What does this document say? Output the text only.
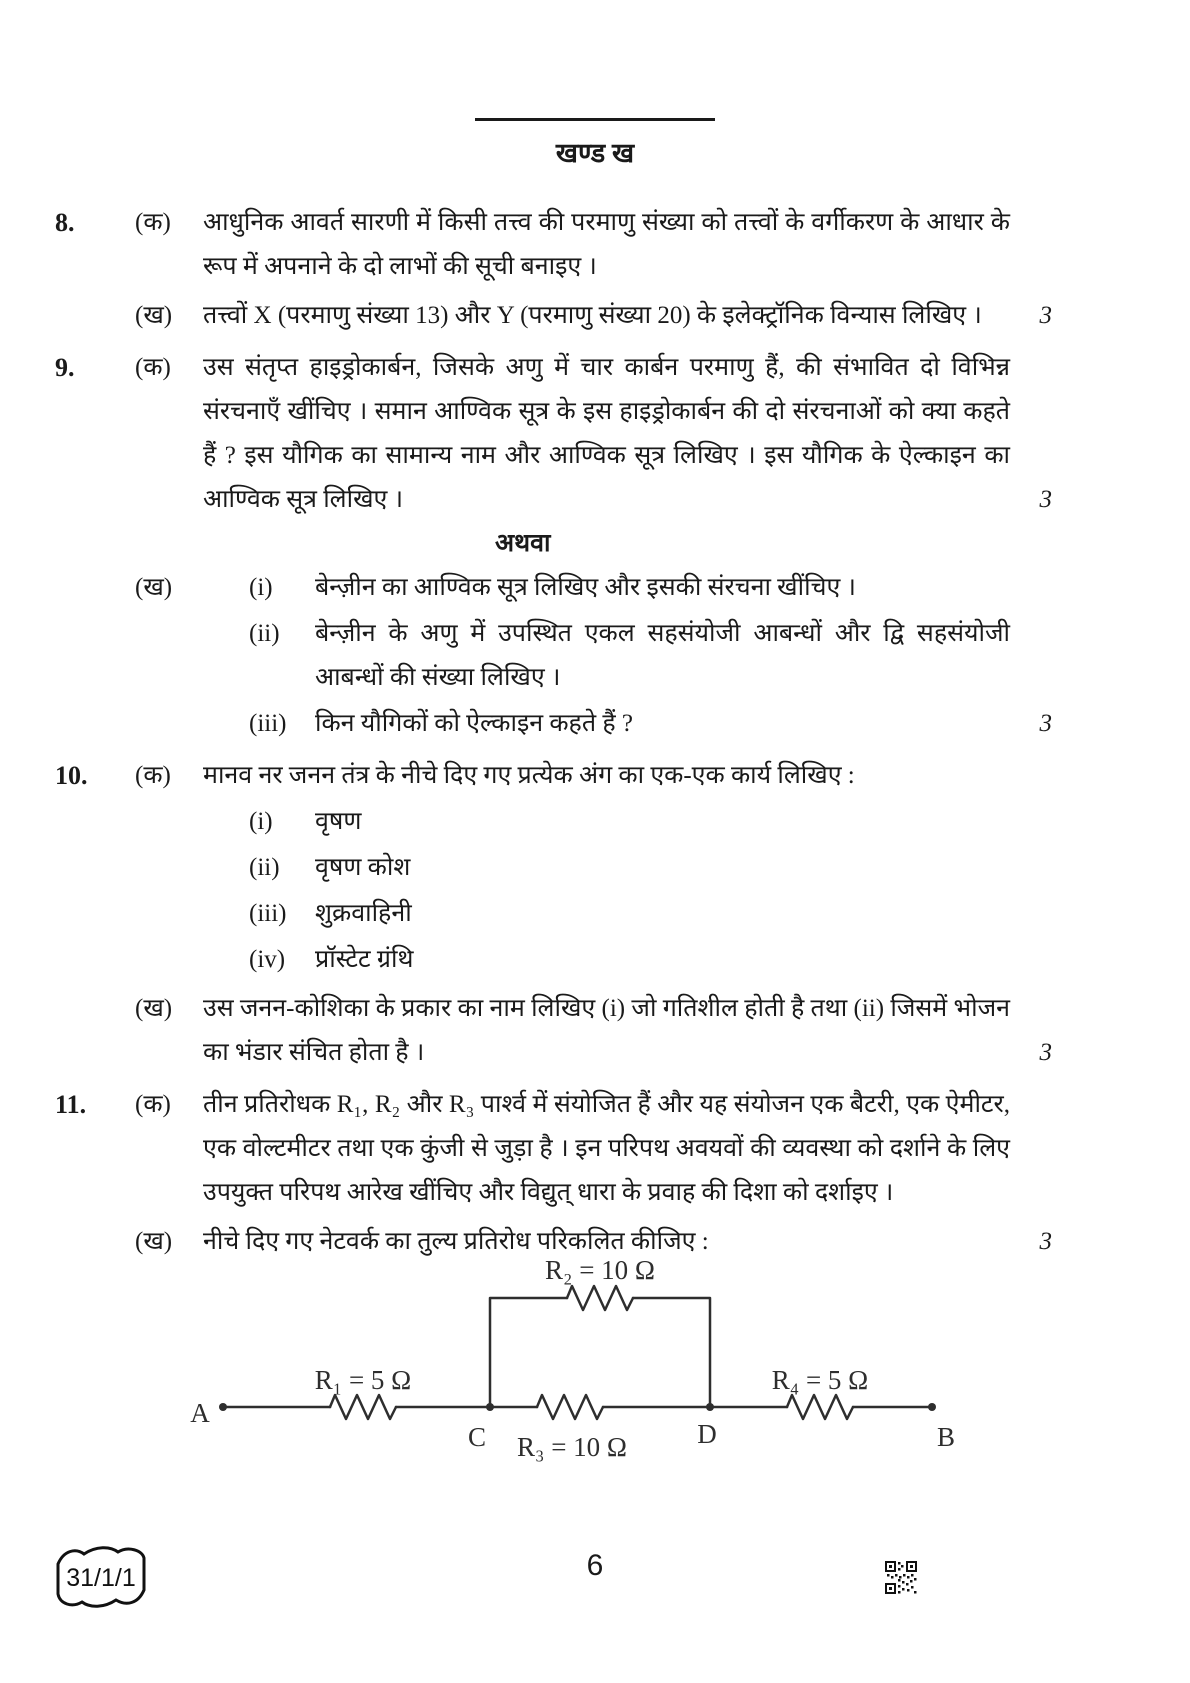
खण्ड ख
8.	(क)	आधुनिक आवर्त सारणी में किसी तत्त्व की परमाणु संख्या को तत्त्वों के वर्गीकरण के आधार के रूप में अपनाने के दो लाभों की सूची बनाइए ।
(ख)	तत्त्वों X (परमाणु संख्या 13) और Y (परमाणु संख्या 20) के इलेक्ट्रॉनिक विन्यास लिखिए ।	3
9.	(क)	उस संतृप्त हाइड्रोकार्बन, जिसके अणु में चार कार्बन परमाणु हैं, की संभावित दो विभिन्न संरचनाएँ खींचिए । समान आण्विक सूत्र के इस हाइड्रोकार्बन की दो संरचनाओं को क्या कहते हैं ? इस यौगिक का सामान्य नाम और आण्विक सूत्र लिखिए । इस यौगिक के ऐल्काइन का आण्विक सूत्र लिखिए ।	3
अथवा
(ख)	(i)	बेन्ज़ीन का आण्विक सूत्र लिखिए और इसकी संरचना खींचिए ।
(ii)	बेन्ज़ीन के अणु में उपस्थित एकल सहसंयोजी आबन्धों और द्वि सहसंयोजी आबन्धों की संख्या लिखिए ।
(iii)	किन यौगिकों को ऐल्काइन कहते हैं ?	3
10.	(क)	मानव नर जनन तंत्र के नीचे दिए गए प्रत्येक अंग का एक-एक कार्य लिखिए :
(i)	वृषण
(ii)	वृषण कोश
(iii)	शुक्रवाहिनी
(iv)	प्रॉस्टेट ग्रंथि
(ख)	उस जनन-कोशिका के प्रकार का नाम लिखिए (i) जो गतिशील होती है तथा (ii) जिसमें भोजन का भंडार संचित होता है ।	3
11.	(क)	तीन प्रतिरोधक R₁, R₂ और R₃ पार्श्व में संयोजित हैं और यह संयोजन एक बैटरी, एक ऐमीटर, एक वोल्टमीटर तथा एक कुंजी से जुड़ा है । इन परिपथ अवयवों की व्यवस्था को दर्शाने के लिए उपयुक्त परिपथ आरेख खींचिए और विद्युत् धारा के प्रवाह की दिशा को दर्शाइए ।
(ख)	नीचे दिए गए नेटवर्क का तुल्य प्रतिरोध परिकलित कीजिए :	3
A
C	D	B
R₁ = 5 Ω
R₂ = 10 Ω
R₃ = 10 Ω
R₄ = 5 Ω
31/1/1	6
